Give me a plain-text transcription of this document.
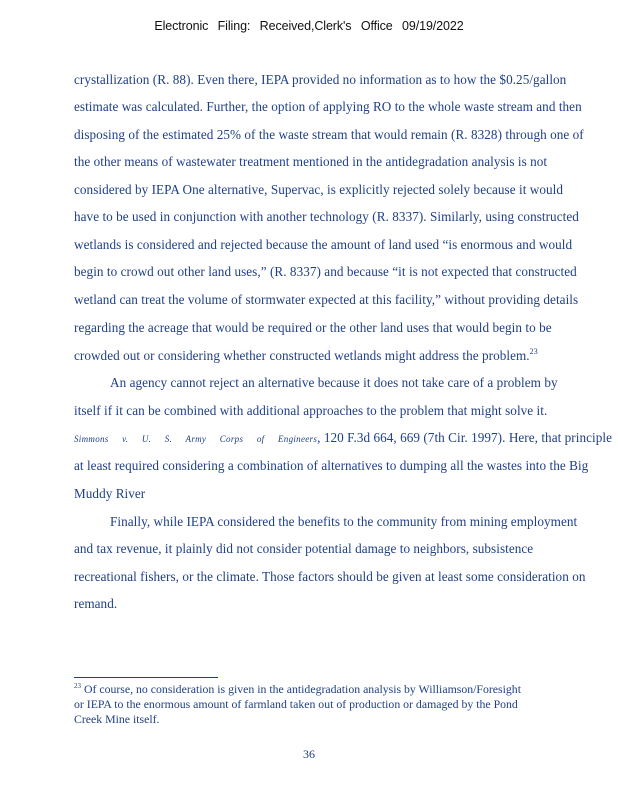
Electronic Filing: Received,Clerk's Office 09/19/2022
crystallization (R. 88). Even there, IEPA provided no information as to how the $0.25/gallon
estimate was calculated. Further, the option of applying RO to the whole waste stream and then
disposing of the estimated 25% of the waste stream that would remain (R. 8328) through one of
the other means of wastewater treatment mentioned in the antidegradation analysis is not
considered by IEPA One alternative, Supervac, is explicitly rejected solely because it would
have to be used in conjunction with another technology (R. 8337). Similarly, using constructed
wetlands is considered and rejected because the amount of land used “is enormous and would
begin to crowd out other land uses,” (R. 8337) and because “it is not expected that constructed
wetland can treat the volume of stormwater expected at this facility,” without providing details
regarding the acreage that would be required or the other land uses that would begin to be
crowded out or considering whether constructed wetlands might address the problem.$^{23}$
An agency cannot reject an alternative because it does not take care of a problem by
itself if it can be combined with additional approaches to the problem that might solve it.
Simmons v. U. S. Army Corps of Engineers, 120 F.3d 664, 669 (7th Cir. 1997). Here, that principle
at least required considering a combination of alternatives to dumping all the wastes into the Big
Muddy River
Finally, while IEPA considered the benefits to the community from mining employment
and tax revenue, it plainly did not consider potential damage to neighbors, subsistence
recreational fishers, or the climate. Those factors should be given at least some consideration on
remand.
$^{23}$ Of course, no consideration is given in the antidegradation analysis by Williamson/Foresight
or IEPA to the enormous amount of farmland taken out of production or damaged by the Pond
Creek Mine itself.
36
